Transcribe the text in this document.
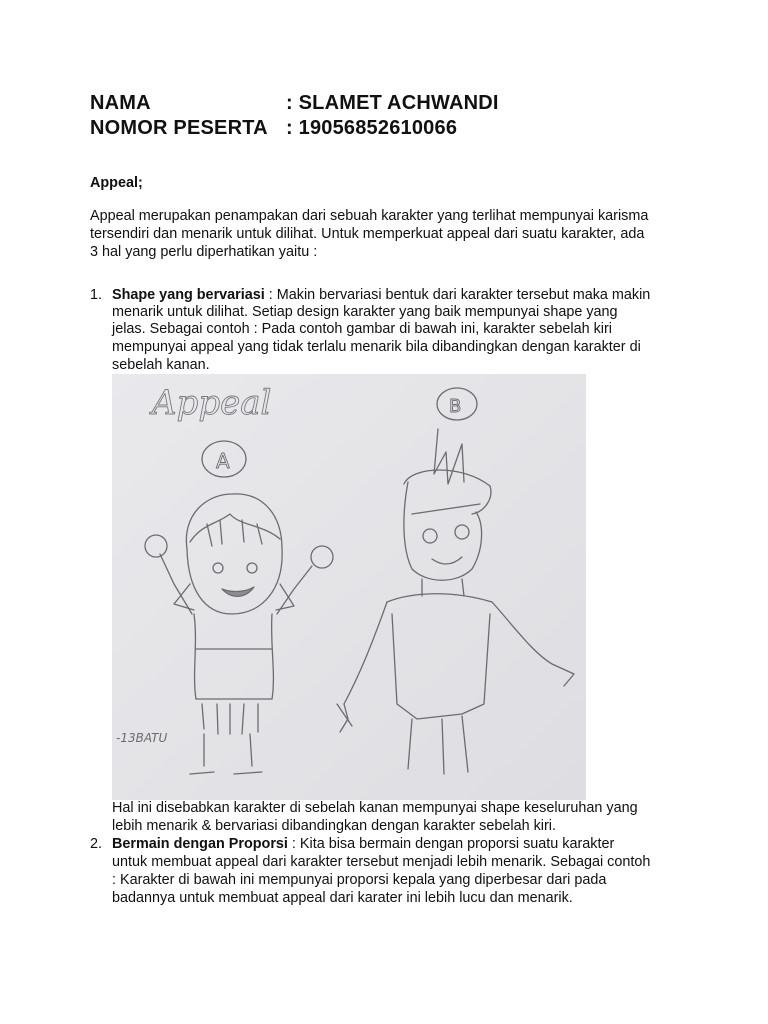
NAMA	: SLAMET ACHWANDI
NOMOR PESERTA : 19056852610066
Appeal;
Appeal merupakan penampakan dari sebuah karakter yang terlihat mempunyai karisma
tersendiri dan menarik untuk dilihat. Untuk memperkuat appeal dari suatu karakter, ada
3 hal yang perlu diperhatikan yaitu :
1. Shape yang bervariasi : Makin bervariasi bentuk dari karakter tersebut maka makin
menarik untuk dilihat. Setiap design karakter yang baik mempunyai shape yang
jelas. Sebagai contoh : Pada contoh gambar di bawah ini, karakter sebelah kiri
mempunyai appeal yang tidak terlalu menarik bila dibandingkan dengan karakter di
sebelah kanan.
Appeal
A
B
-13BATU
Hal ini disebabkan karakter di sebelah kanan mempunyai shape keseluruhan yang
lebih menarik & bervariasi dibandingkan dengan karakter sebelah kiri.
2. Bermain dengan Proporsi : Kita bisa bermain dengan proporsi suatu karakter
untuk membuat appeal dari karakter tersebut menjadi lebih menarik. Sebagai contoh
: Karakter di bawah ini mempunyai proporsi kepala yang diperbesar dari pada
badannya untuk membuat appeal dari karater ini lebih lucu dan menarik.
